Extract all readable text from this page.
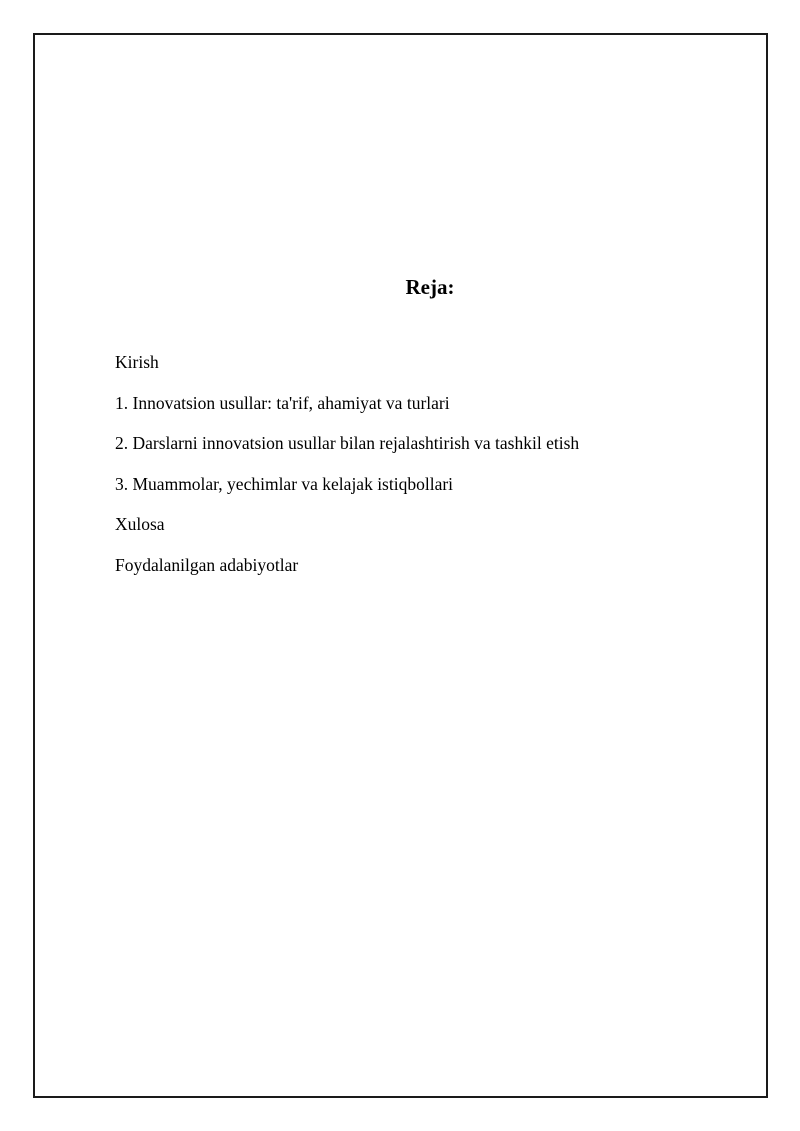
Reja:
Kirish
1. Innovatsion usullar: ta'rif, ahamiyat va turlari
2. Darslarni innovatsion usullar bilan rejalashtirish va tashkil etish
3. Muammolar, yechimlar va kelajak istiqbollari
Xulosa
Foydalanilgan adabiyotlar
